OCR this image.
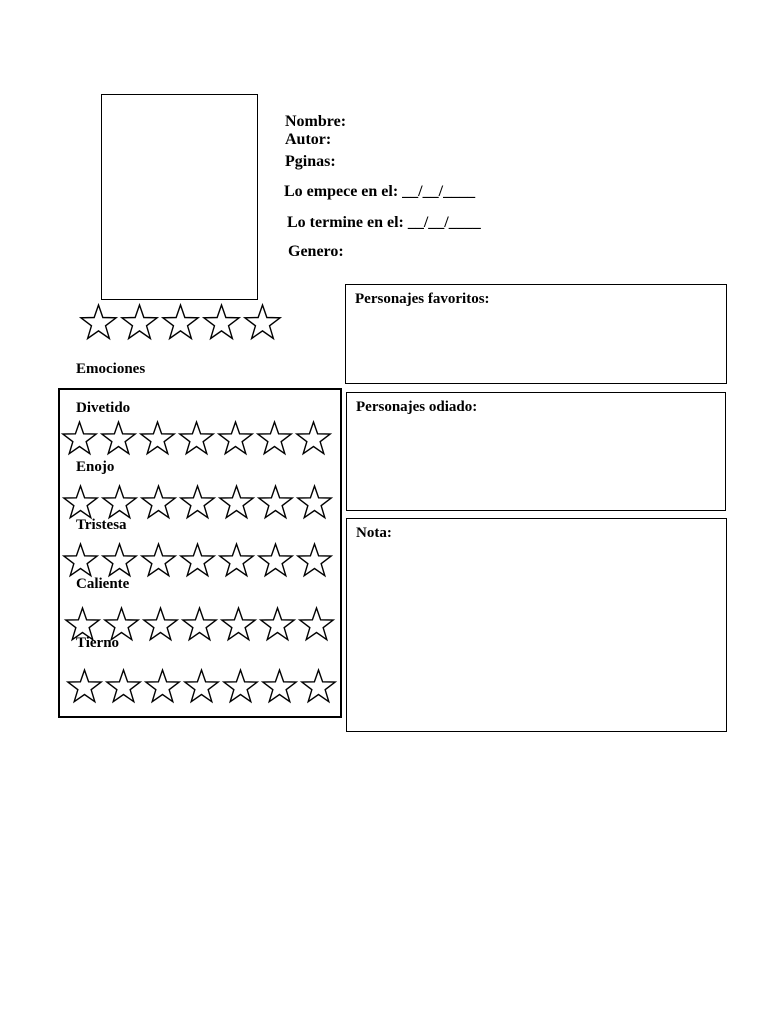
Nombre:
Autor:
Pginas:
Lo empece en el: __/__/____
Lo termine en el: __/__/____
Genero:
Emociones
Divetido
Enojo
Tristesa
Caliente
Tierno
Personajes favoritos:
Personajes odiado:
Nota:
